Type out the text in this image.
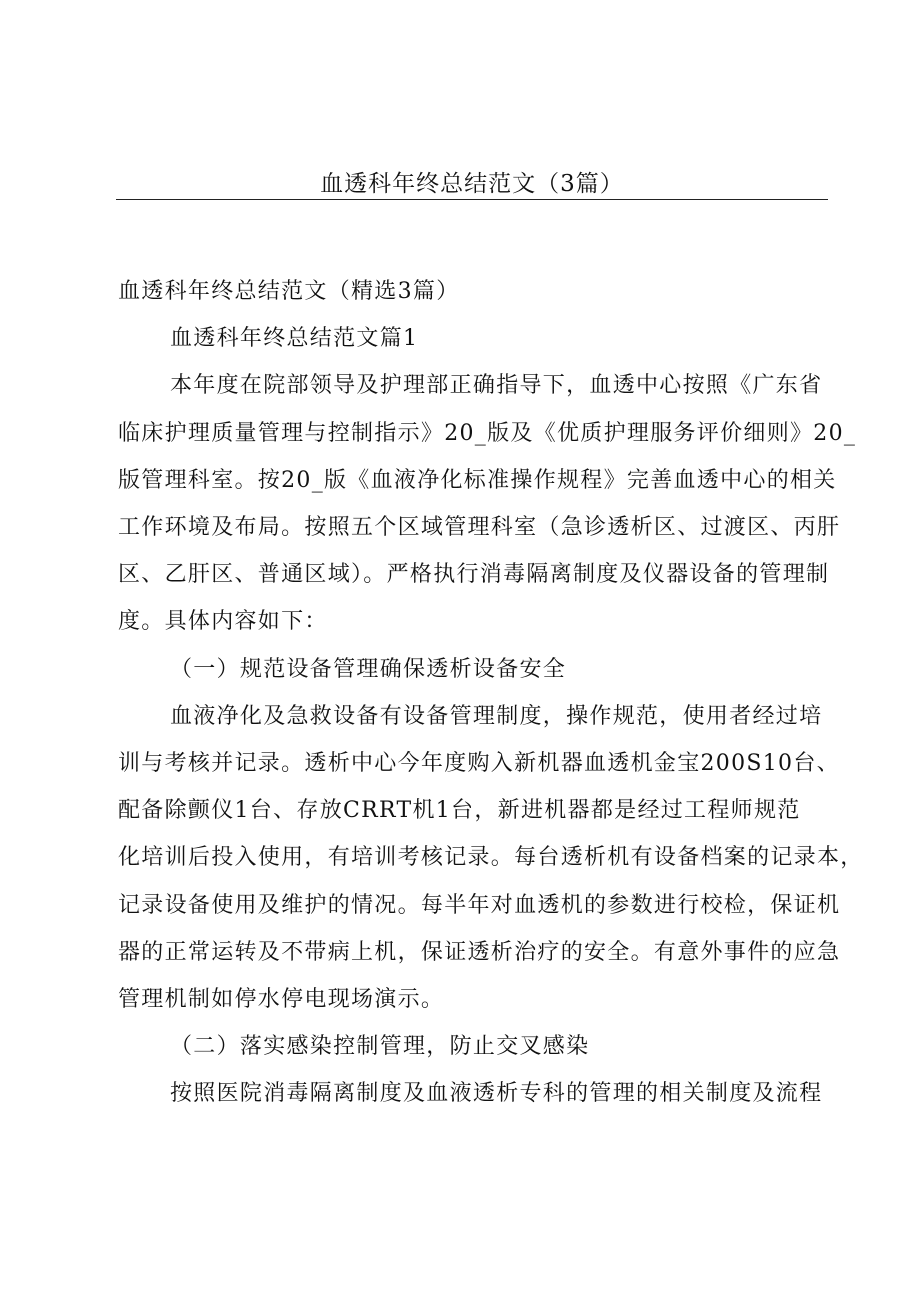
血透科年终总结范文（3篇）

血透科年终总结范文（精选3篇）

血透科年终总结范文篇1

本年度在院部领导及护理部正确指导下，血透中心按照《广东省
临床护理质量管理与控制指示》20_版及《优质护理服务评价细则》20_
版管理科室。按20_版《血液净化标准操作规程》完善血透中心的相关
工作环境及布局。按照五个区域管理科室（急诊透析区、过渡区、丙肝
区、乙肝区、普通区域）。严格执行消毒隔离制度及仪器设备的管理制
度。具体内容如下：

（一）规范设备管理确保透析设备安全

血液净化及急救设备有设备管理制度，操作规范，使用者经过培
训与考核并记录。透析中心今年度购入新机器血透机金宝200S10台、
配备除颤仪1台、存放CRRT机1台，新进机器都是经过工程师规范
化培训后投入使用，有培训考核记录。每台透析机有设备档案的记录本，
记录设备使用及维护的情况。每半年对血透机的参数进行校检，保证机
器的正常运转及不带病上机，保证透析治疗的安全。有意外事件的应急
管理机制如停水停电现场演示。

（二）落实感染控制管理，防止交叉感染

按照医院消毒隔离制度及血液透析专科的管理的相关制度及流程
